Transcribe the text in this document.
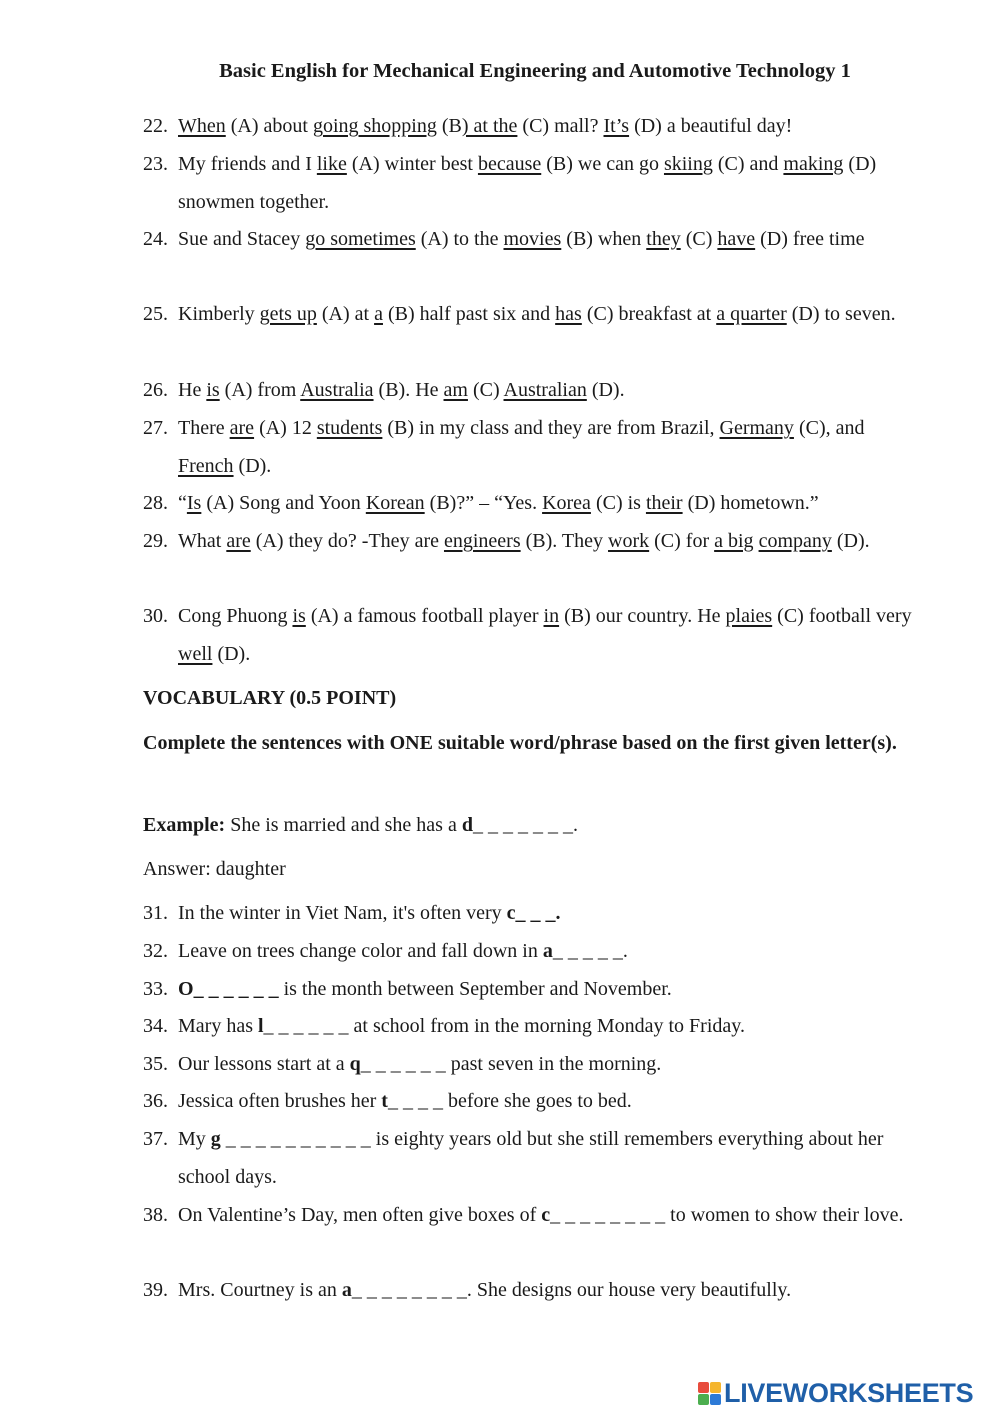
Basic English for Mechanical Engineering and Automotive Technology 1
22. When (A) about going shopping (B) at the (C) mall? It’s (D) a beautiful day!
23. My friends and I like (A) winter best because (B) we can go skiing (C) and making (D) snowmen together.
24. Sue and Stacey go sometimes (A) to the movies (B) when they (C) have (D) free time
25. Kimberly gets up (A) at a (B) half past six and has (C) breakfast at a quarter (D) to seven.
26. He is (A) from Australia (B). He am (C) Australian (D).
27. There are (A) 12 students (B) in my class and they are from Brazil, Germany (C), and French (D).
28. “Is (A) Song and Yoon Korean (B)?” – “Yes. Korea (C) is their (D) hometown.”
29. What are (A) they do? -They are engineers (B). They work (C) for a big company (D).
30. Cong Phuong is (A) a famous football player in (B) our country. He plaies (C) football very well (D).
VOCABULARY (0.5 POINT)
Complete the sentences with ONE suitable word/phrase based on the first given letter(s).
Example: She is married and she has a d_ _ _ _ _ _ _.
Answer: daughter
31. In the winter in Viet Nam, it's often very c_ _ _.
32. Leave on trees change color and fall down in a_ _ _ _ _.
33. O_ _ _ _ _ _ is the month between September and November.
34. Mary has l_ _ _ _ _ _ at school from in the morning Monday to Friday.
35. Our lessons start at a q_ _ _ _ _ _ past seven in the morning.
36. Jessica often brushes her t_ _ _ _ before she goes to bed.
37. My g _ _ _ _ _ _ _ _ _ _ is eighty years old but she still remembers everything about her school days.
38. On Valentine’s Day, men often give boxes of c_ _ _ _ _ _ _ _ to women to show their love.
39. Mrs. Courtney is an a_ _ _ _ _ _ _ _. She designs our house very beautifully.
LIVEWORKSHEETS
